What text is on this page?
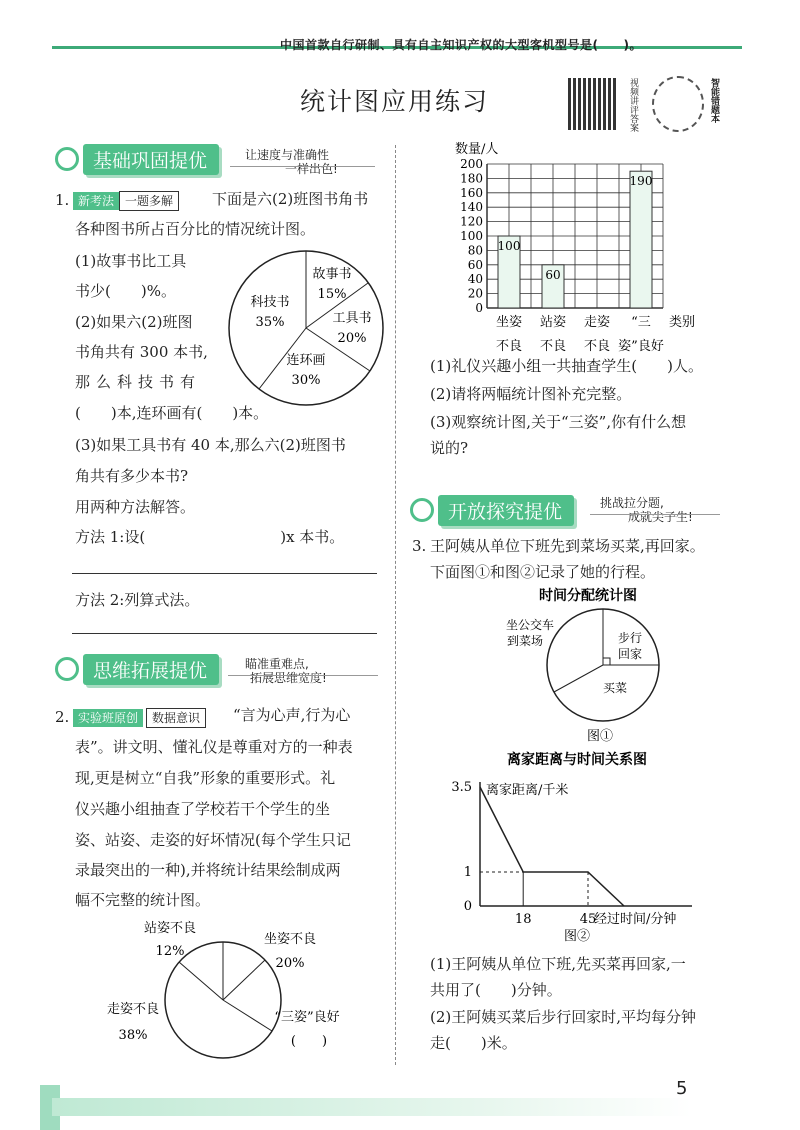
中国首款自行研制、具有自主知识产权的大型客机型号是(　　)。
统计图应用练习	视频讲评答案	智能错题本
基础巩固提优	让速度与准确性
一样出色!
1. 新考法 一题多解	下面是六(2)班图书角书
各种图书所占百分比的情况统计图。
(1)故事书比工具
书少(　　)%。
(2)如果六(2)班图
书角共有 300 本书,
那么科技书有
(　　)本,连环画有(　　)本。
(3)如果工具书有 40 本,那么六(2)班图书
角共有多少本书?
用两种方法解答。
方法 1:设(　　　　　　　　　)x 本书。
方法 2:列算式法。
故事书
15%
工具书
20%
连环画
30%
科技书
35%
思维拓展提优	瞄准重难点,
拓展思维宽度!
2. 实验班原创 数据意识	“言为心声,行为心
表”。讲文明、懂礼仪是尊重对方的一种表
现,更是树立“自我”形象的重要形式。礼
仪兴趣小组抽查了学校若干个学生的坐
姿、站姿、走姿的好坏情况(每个学生只记
录最突出的一种),并将统计结果绘制成两
幅不完整的统计图。
站姿不良
12%
坐姿不良
20%
“三姿”良好
(　　)
走姿不良
38%
数量/人
0
20
40
60
80
100
120
140
160
180
200
100
坐姿
不良
60
站姿
不良
走姿
不良
190
“三
姿”良好
类别
(1)礼仪兴趣小组一共抽查学生(　　)人。
(2)请将两幅统计图补充完整。
(3)观察统计图,关于“三姿”,你有什么想
说的?
开放探究提优	挑战拉分题,
成就尖子生!
3. 王阿姨从单位下班先到菜场买菜,再回家。
下面图①和图②记录了她的行程。
时间分配统计图
坐公交车
到菜场	步行
回家
买菜
图①
离家距离与时间关系图
离家距离/千米
经过时间/分钟
3.5
1
0
18	45
图②
(1)王阿姨从单位下班,先买菜再回家,一
共用了(　　)分钟。
(2)王阿姨买菜后步行回家时,平均每分钟
走(　　)米。
5
